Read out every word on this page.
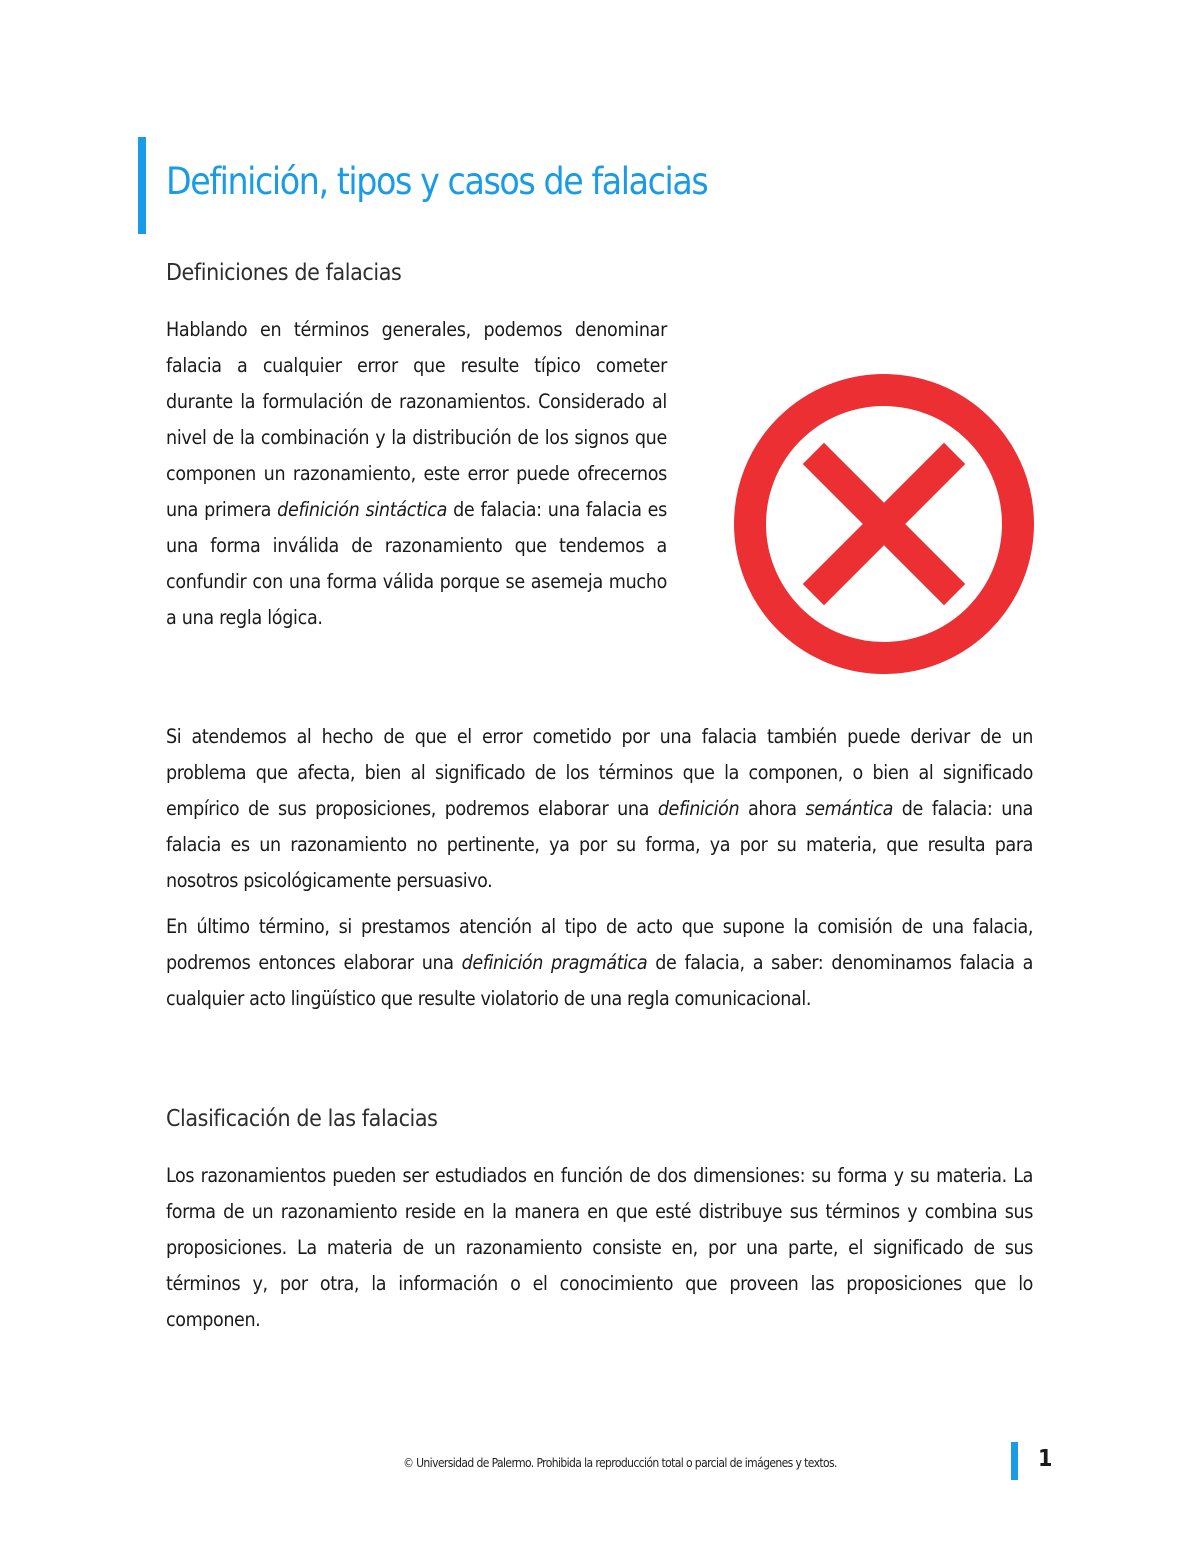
Definición, tipos y casos de falacias
Definiciones de falacias

Hablando en términos generales, podemos denominar falacia a cualquier error que resulte típico cometer durante la formulación de razonamientos. Considerado al nivel de la combinación y la distribución de los signos que componen un razonamiento, este error puede ofrecernos una primera definición sintáctica de falacia: una falacia es una forma inválida de razonamiento que tendemos a confundir con una forma válida porque se asemeja mucho a una regla lógica.

Si atendemos al hecho de que el error cometido por una falacia también puede derivar de un problema que afecta, bien al significado de los términos que la componen, o bien al significado empírico de sus proposiciones, podremos elaborar una definición ahora semántica de falacia: una falacia es un razonamiento no pertinente, ya por su forma, ya por su materia, que resulta para nosotros psicológicamente persuasivo.

En último término, si prestamos atención al tipo de acto que supone la comisión de una falacia, podremos entonces elaborar una definición pragmática de falacia, a saber: denominamos falacia a cualquier acto lingüístico que resulte violatorio de una regla comunicacional.

Clasificación de las falacias

Los razonamientos pueden ser estudiados en función de dos dimensiones: su forma y su materia. La forma de un razonamiento reside en la manera en que esté distribuye sus términos y combina sus proposiciones. La materia de un razonamiento consiste en, por una parte, el significado de sus términos y, por otra, la información o el conocimiento que proveen las proposiciones que lo componen.

© Universidad de Palermo. Prohibida la reproducción total o parcial de imágenes y textos.	1
